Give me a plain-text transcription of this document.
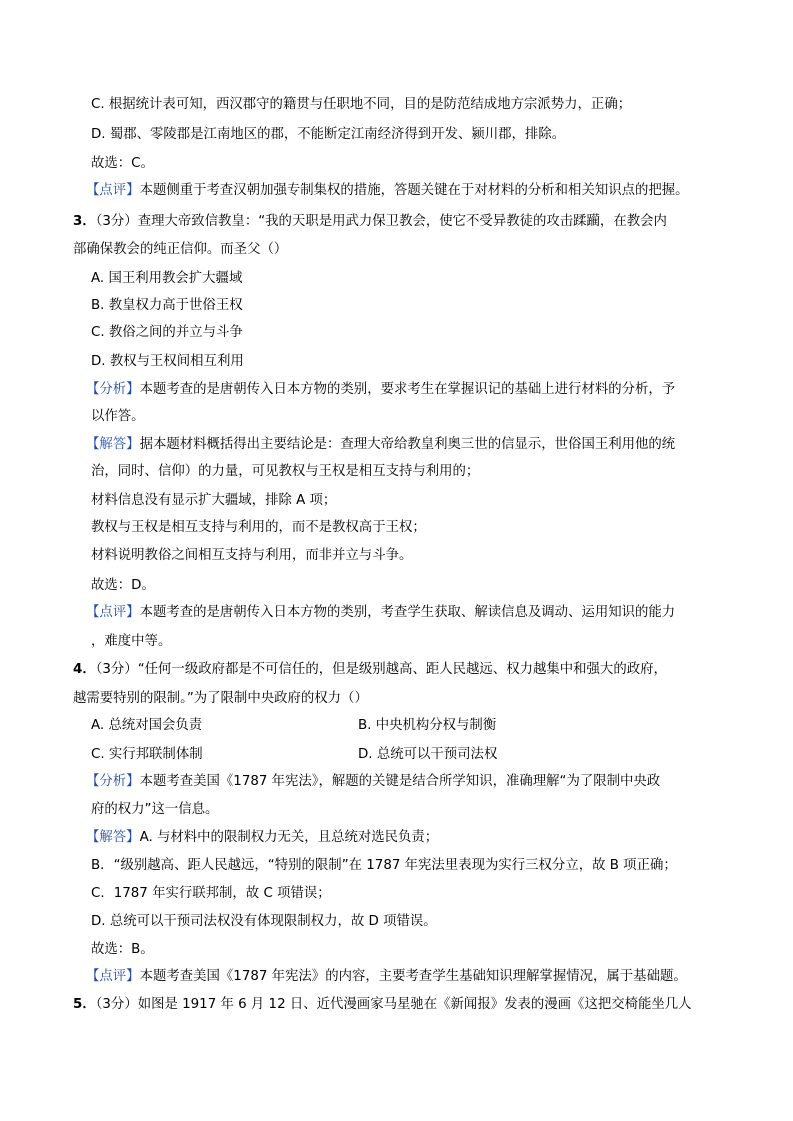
C. 根据统计表可知，西汉郡守的籍贯与任职地不同，目的是防范结成地方宗派势力，正确；
D. 蜀郡、零陵郡是江南地区的郡，不能断定江南经济得到开发、颍川郡，排除。
故选：C。
【点评】本题侧重于考查汉朝加强专制集权的措施，答题关键在于对材料的分析和相关知识点的把握。
3．（3分）查理大帝致信教皇：“我的天职是用武力保卫教会，使它不受异教徒的攻击蹂躏，在教会内
部确保教会的纯正信仰。而圣父（）
A. 国王利用教会扩大疆域
B. 教皇权力高于世俗王权
C. 教俗之间的并立与斗争
D. 教权与王权间相互利用
【分析】本题考查的是唐朝传入日本方物的类别，要求考生在掌握识记的基础上进行材料的分析，予
以作答。
【解答】据本题材料概括得出主要结论是：查理大帝给教皇利奥三世的信显示，世俗国王利用他的统
治，同时、信仰）的力量，可见教权与王权是相互支持与利用的；
材料信息没有显示扩大疆域，排除 A 项；
教权与王权是相互支持与利用的，而不是教权高于王权；
材料说明教俗之间相互支持与利用，而非并立与斗争。
故选：D。
【点评】本题考查的是唐朝传入日本方物的类别，考查学生获取、解读信息及调动、运用知识的能力
，难度中等。
4．（3分）“任何一级政府都是不可信任的，但是级别越高、距人民越远、权力越集中和强大的政府，
越需要特别的限制。”为了限制中央政府的权力（）
A. 总统对国会负责	B. 中央机构分权与制衡
C. 实行邦联制体制	D. 总统可以干预司法权
【分析】本题考查美国《1787 年宪法》，解题的关键是结合所学知识，准确理解“为了限制中央政
府的权力”这一信息。
【解答】A. 与材料中的限制权力无关，且总统对选民负责；
B．“级别越高、距人民越远，“特别的限制”在 1787 年宪法里表现为实行三权分立，故 B 项正确；
C．1787 年实行联邦制，故 C 项错误；
D. 总统可以干预司法权没有体现限制权力，故 D 项错误。
故选：B。
【点评】本题考查美国《1787 年宪法》的内容，主要考查学生基础知识理解掌握情况，属于基础题。
5．（3分）如图是 1917 年 6 月 12 日、近代漫画家马星驰在《新闻报》发表的漫画《这把交椅能坐几人
